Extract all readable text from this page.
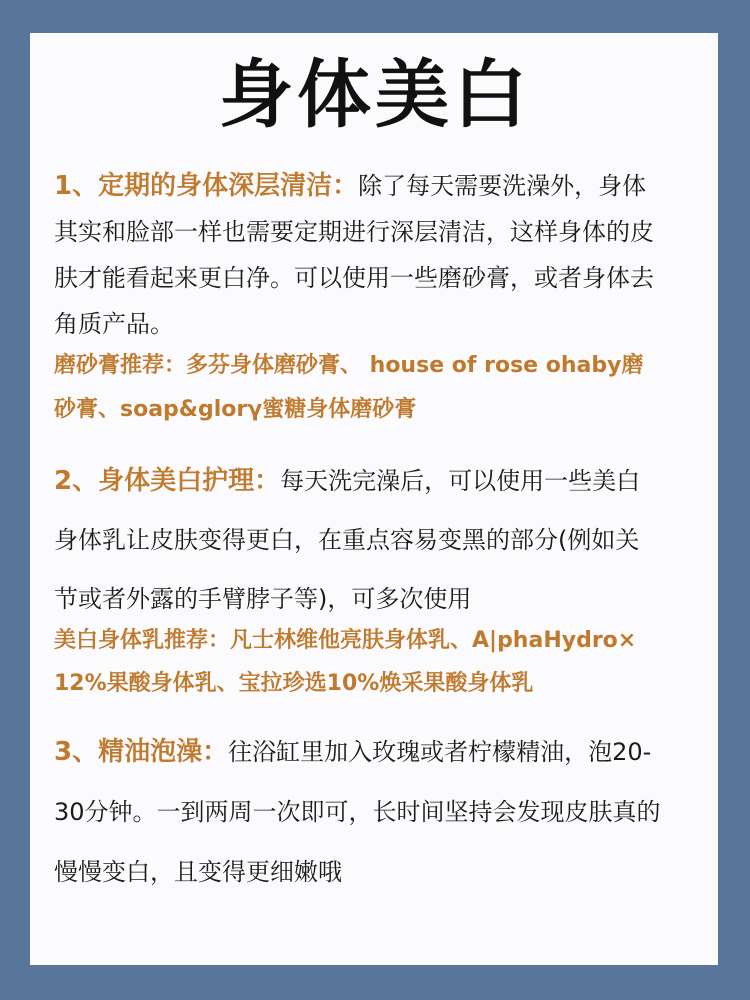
身体美白
1、定期的身体深层清洁：除了每天需要洗澡外，身体
其实和脸部一样也需要定期进行深层清洁，这样身体的皮
肤才能看起来更白净。可以使用一些磨砂膏，或者身体去
角质产品。
磨砂膏推荐：多芬身体磨砂膏、 house of rose ohaby磨
砂膏、soap&glorγ蜜糖身体磨砂膏
2、身体美白护理：每天洗完澡后，可以使用一些美白
身体乳让皮肤变得更白，在重点容易变黑的部分(例如关
节或者外露的手臂脖子等)，可多次使用
美白身体乳推荐：凡士林维他亮肤身体乳、A|phaHydro×
12%果酸身体乳、宝拉珍选10%焕采果酸身体乳
3、精油泡澡：往浴缸里加入玫瑰或者柠檬精油，泡20-
30分钟。一到两周一次即可，长时间坚持会发现皮肤真的
慢慢变白，且变得更细嫩哦
